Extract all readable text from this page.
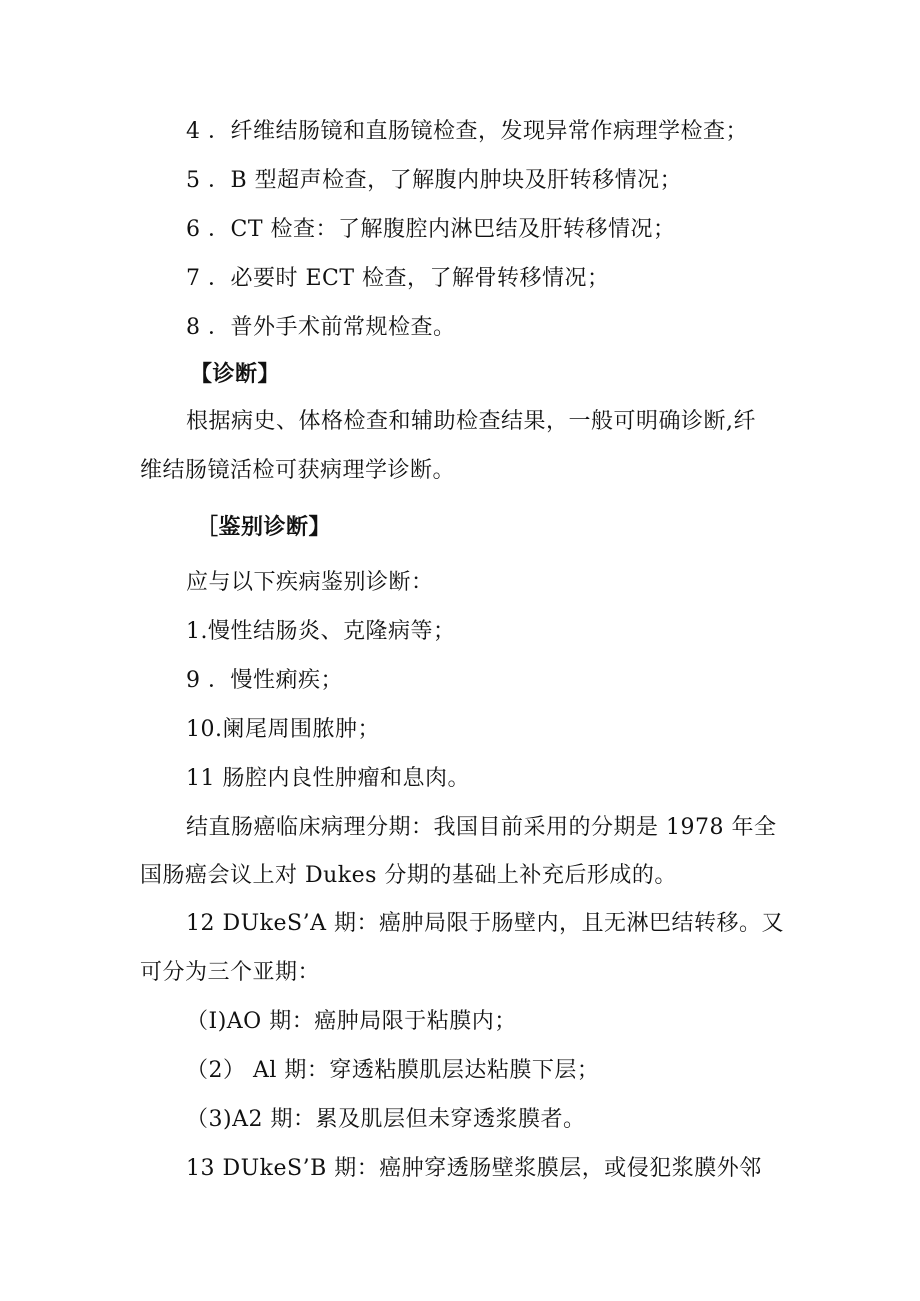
4 ．纤维结肠镜和直肠镜检查，发现异常作病理学检查；
5 ．B 型超声检查，了解腹内肿块及肝转移情况；
6 ．CT 检查：了解腹腔内淋巴结及肝转移情况；
7 ．必要时 ECT 检查，了解骨转移情况；
8 ．普外手术前常规检查。
【诊断】
根据病史、体格检查和辅助检查结果，一般可明确诊断,纤
维结肠镜活检可获病理学诊断。
［鉴别诊断】
应与以下疾病鉴别诊断：
1.慢性结肠炎、克隆病等；
9 ．慢性痢疾；
10.阑尾周围脓肿；
11 肠腔内良性肿瘤和息肉。
结直肠癌临床病理分期：我国目前采用的分期是 1978 年全
国肠癌会议上对 Dukes 分期的基础上补充后形成的。
12 DUkeS’A 期：癌肿局限于肠壁内，且无淋巴结转移。又
可分为三个亚期：
（I)AO 期：癌肿局限于粘膜内；
（2） Al 期：穿透粘膜肌层达粘膜下层；
（3)A2 期：累及肌层但未穿透浆膜者。
13 DUkeS’B 期：癌肿穿透肠壁浆膜层，或侵犯浆膜外邻
